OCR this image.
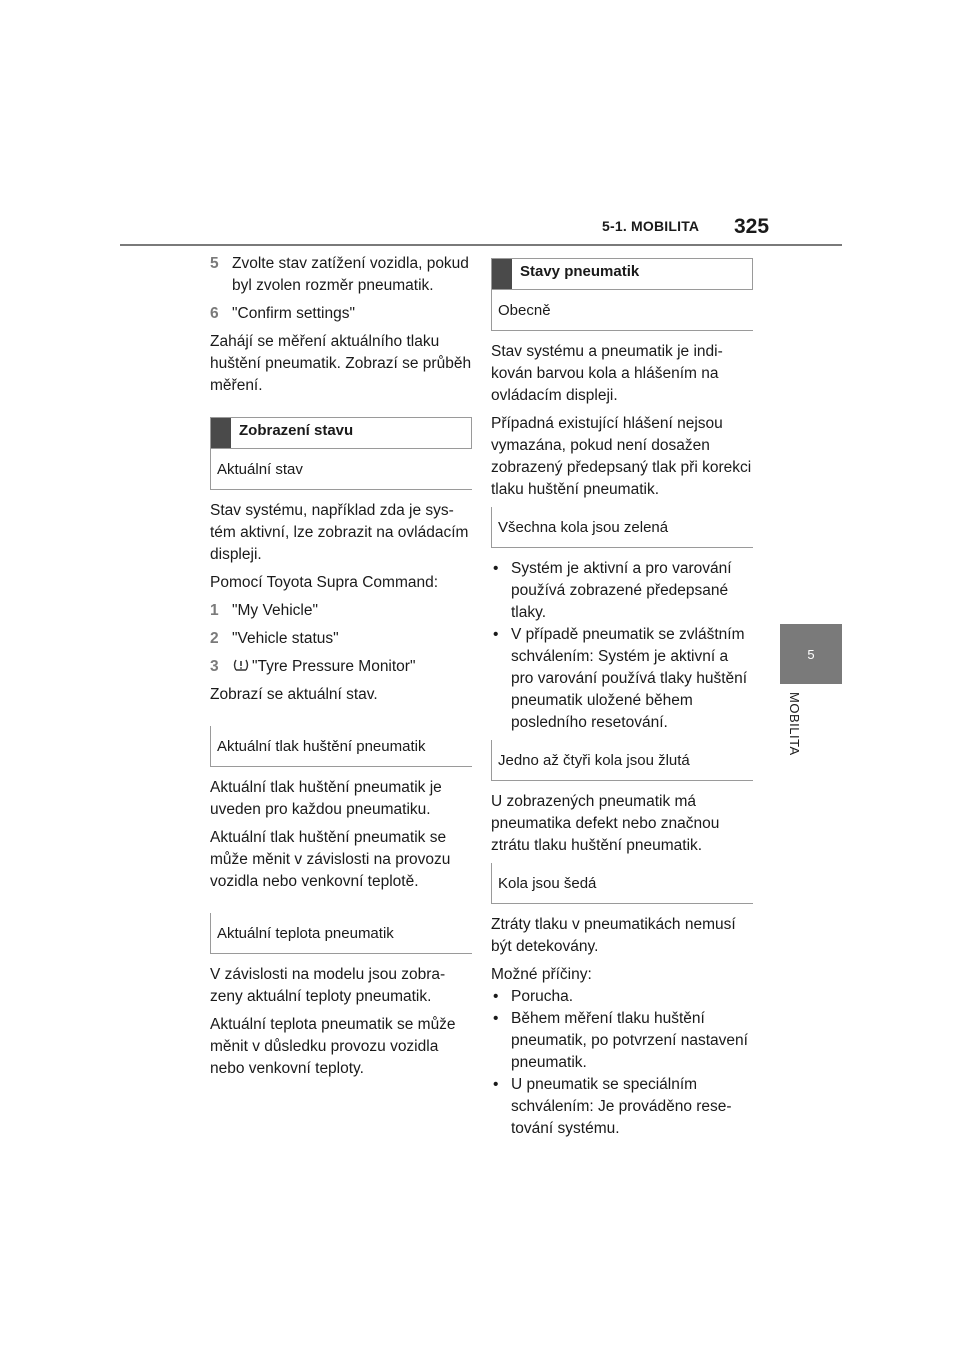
5-1. MOBILITA 325
5
MOBILITA
5 Zvolte stav zatížení vozidla, pokud byl zvolen rozměr pneumatik.
6 "Confirm settings"

Zahájí se měření aktuálního tlaku huštění pneumatik. Zobrazí se průběh měření.

Zobrazení stavu
Aktuální stav

Stav systému, například zda je systém aktivní, lze zobrazit na ovládacím displeji.

Pomocí Toyota Supra Command:

1 "My Vehicle"
2 "Vehicle status"
3	"Tyre Pressure Monitor"

Zobrazí se aktuální stav.

Aktuální tlak huštění pneumatik

Aktuální tlak huštění pneumatik je uveden pro každou pneumatiku.

Aktuální tlak huštění pneumatik se může měnit v závislosti na provozu vozidla nebo venkovní teplotě.

Aktuální teplota pneumatik

V závislosti na modelu jsou zobrazeny aktuální teploty pneumatik.

Aktuální teplota pneumatik se může měnit v důsledku provozu vozidla nebo venkovní teploty.

Stavy pneumatik
Obecně

Stav systému a pneumatik je indikován barvou kola a hlášením na ovládacím displeji.

Případná existující hlášení nejsou vymazána, pokud není dosažen zobrazený předepsaný tlak při korekci tlaku huštění pneumatik.

Všechna kola jsou zelená
• Systém je aktivní a pro varování používá zobrazené předepsané tlaky.
• V případě pneumatik se zvláštním schválením: Systém je aktivní a pro varování používá tlaky huštění pneumatik uložené během posledního resetování.
Jedno až čtyři kola jsou žlutá

U zobrazených pneumatik má pneumatika defekt nebo značnou ztrátu tlaku huštění pneumatik.

Kola jsou šedá

Ztráty tlaku v pneumatikách nemusí být detekovány.

Možné příčiny:

• Porucha.
• Během měření tlaku huštění pneumatik, po potvrzení nastavení pneumatik.
• U pneumatik se speciálním schválením: Je prováděno resetování systému.
